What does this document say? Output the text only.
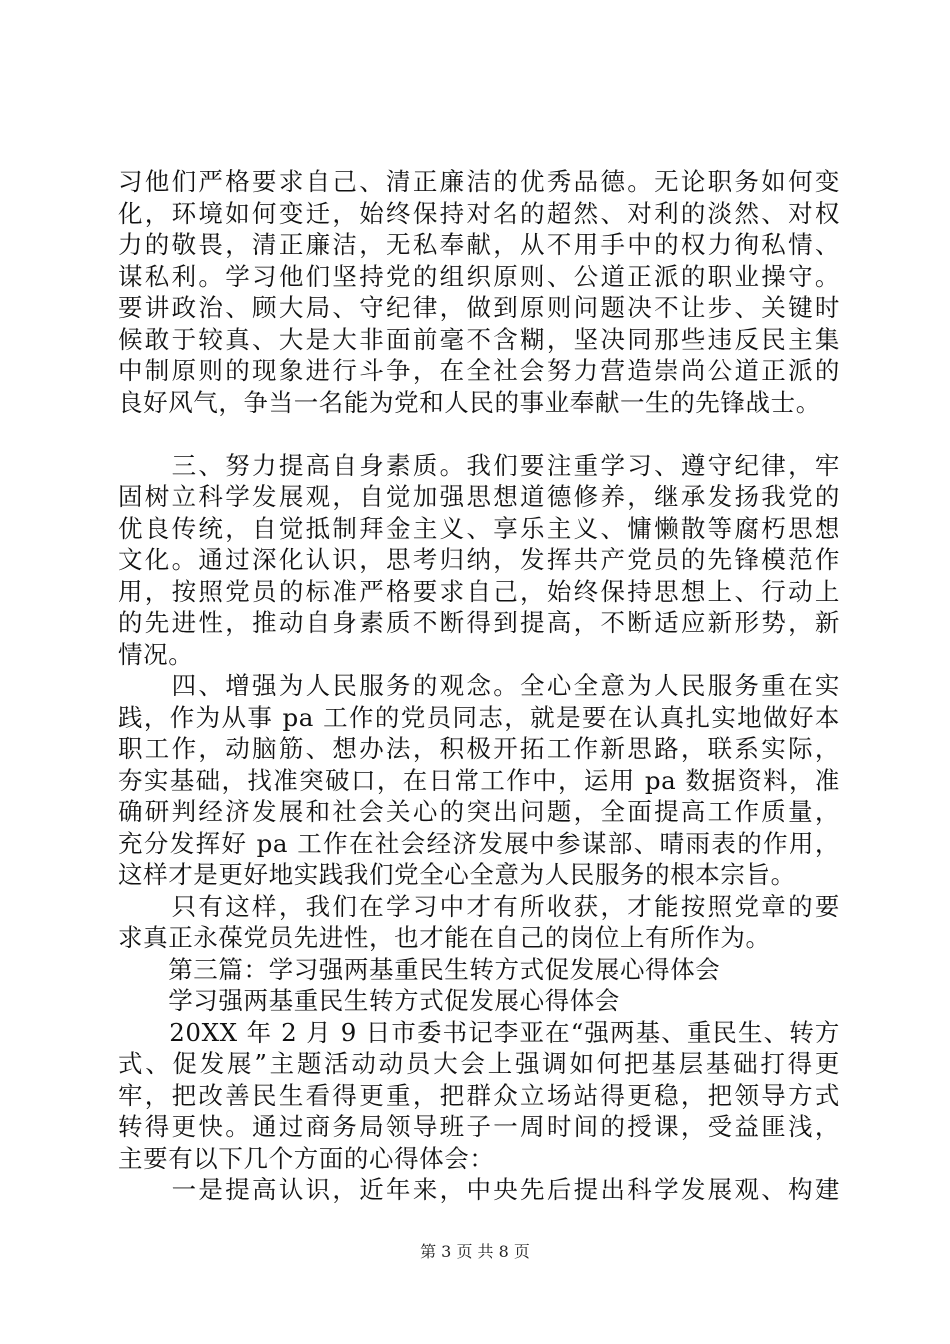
习他们严格要求自己、清正廉洁的优秀品德。无论职务如何变
化，环境如何变迁，始终保持对名的超然、对利的淡然、对权
力的敬畏，清正廉洁，无私奉献，从不用手中的权力徇私情、
谋私利。学习他们坚持党的组织原则、公道正派的职业操守。
要讲政治、顾大局、守纪律，做到原则问题决不让步、关键时
候敢于较真、大是大非面前毫不含糊，坚决同那些违反民主集
中制原则的现象进行斗争，在全社会努力营造崇尚公道正派的
良好风气，争当一名能为党和人民的事业奉献一生的先锋战士。
　　三、努力提高自身素质。我们要注重学习、遵守纪律，牢
固树立科学发展观，自觉加强思想道德修养，继承发扬我党的
优良传统，自觉抵制拜金主义、享乐主义、慵懒散等腐朽思想
文化。通过深化认识，思考归纳，发挥共产党员的先锋模范作
用，按照党员的标准严格要求自己，始终保持思想上、行动上
的先进性，推动自身素质不断得到提高，不断适应新形势，新
情况。
　　四、增强为人民服务的观念。全心全意为人民服务重在实
践，作为从事 pa 工作的党员同志，就是要在认真扎实地做好本
职工作，动脑筋、想办法，积极开拓工作新思路，联系实际，
夯实基础，找准突破口，在日常工作中，运用 pa 数据资料，准
确研判经济发展和社会关心的突出问题，全面提高工作质量，
充分发挥好 pa 工作在社会经济发展中参谋部、晴雨表的作用，
这样才是更好地实践我们党全心全意为人民服务的根本宗旨。
　　只有这样，我们在学习中才有所收获，才能按照党章的要
求真正永葆党员先进性，也才能在自己的岗位上有所作为。
　　第三篇：学习强两基重民生转方式促发展心得体会
　　学习强两基重民生转方式促发展心得体会
　　20XX 年 2 月 9 日市委书记李亚在“强两基、重民生、转方
式、促发展”主题活动动员大会上强调如何把基层基础打得更
牢，把改善民生看得更重，把群众立场站得更稳，把领导方式
转得更快。通过商务局领导班子一周时间的授课，受益匪浅，
主要有以下几个方面的心得体会：
　　一是提高认识，近年来，中央先后提出科学发展观、构建
第 3 页 共 8 页
